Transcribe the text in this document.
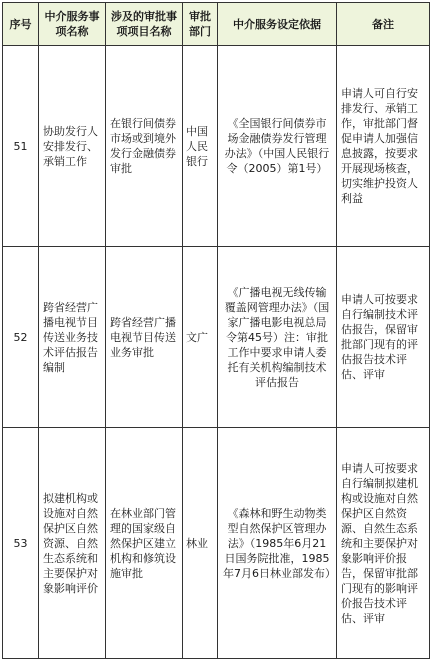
序号	中介服务事项名称	涉及的审批事项项目名称	审批部门	中介服务设定依据	备注
51	协助发行人安排发行、承销工作	在银行间债券市场或到境外发行金融债券审批	中国人民银行	《全国银行间债券市场金融债券发行管理办法》（中国人民银行令（2005）第1号）	申请人可自行安排发行、承销工作，审批部门督促申请人加强信息披露，按要求开展现场核查，切实维护投资人利益
52	跨省经营广播电视节目传送业务技术评估报告编制	跨省经营广播电视节目传送业务审批	文广	《广播电视无线传输覆盖网管理办法》（国家广播电影电视总局令第45号）注：审批工作中要求申请人委托有关机构编制技术评估报告	申请人可按要求自行编制技术评估报告，保留审批部门现有的评估报告技术评估、评审
53	拟建机构或设施对自然保护区自然资源、自然生态系统和主要保护对象影响评价	在林业部门管理的国家级自然保护区建立机构和修筑设施审批	林业	《森林和野生动物类型自然保护区管理办法》（1985年6月21日国务院批准，1985年7月6日林业部发布）	申请人可按要求自行编制拟建机构或设施对自然保护区自然资源、自然生态系统和主要保护对象影响评价报告，保留审批部门现有的影响评价报告技术评估、评审
